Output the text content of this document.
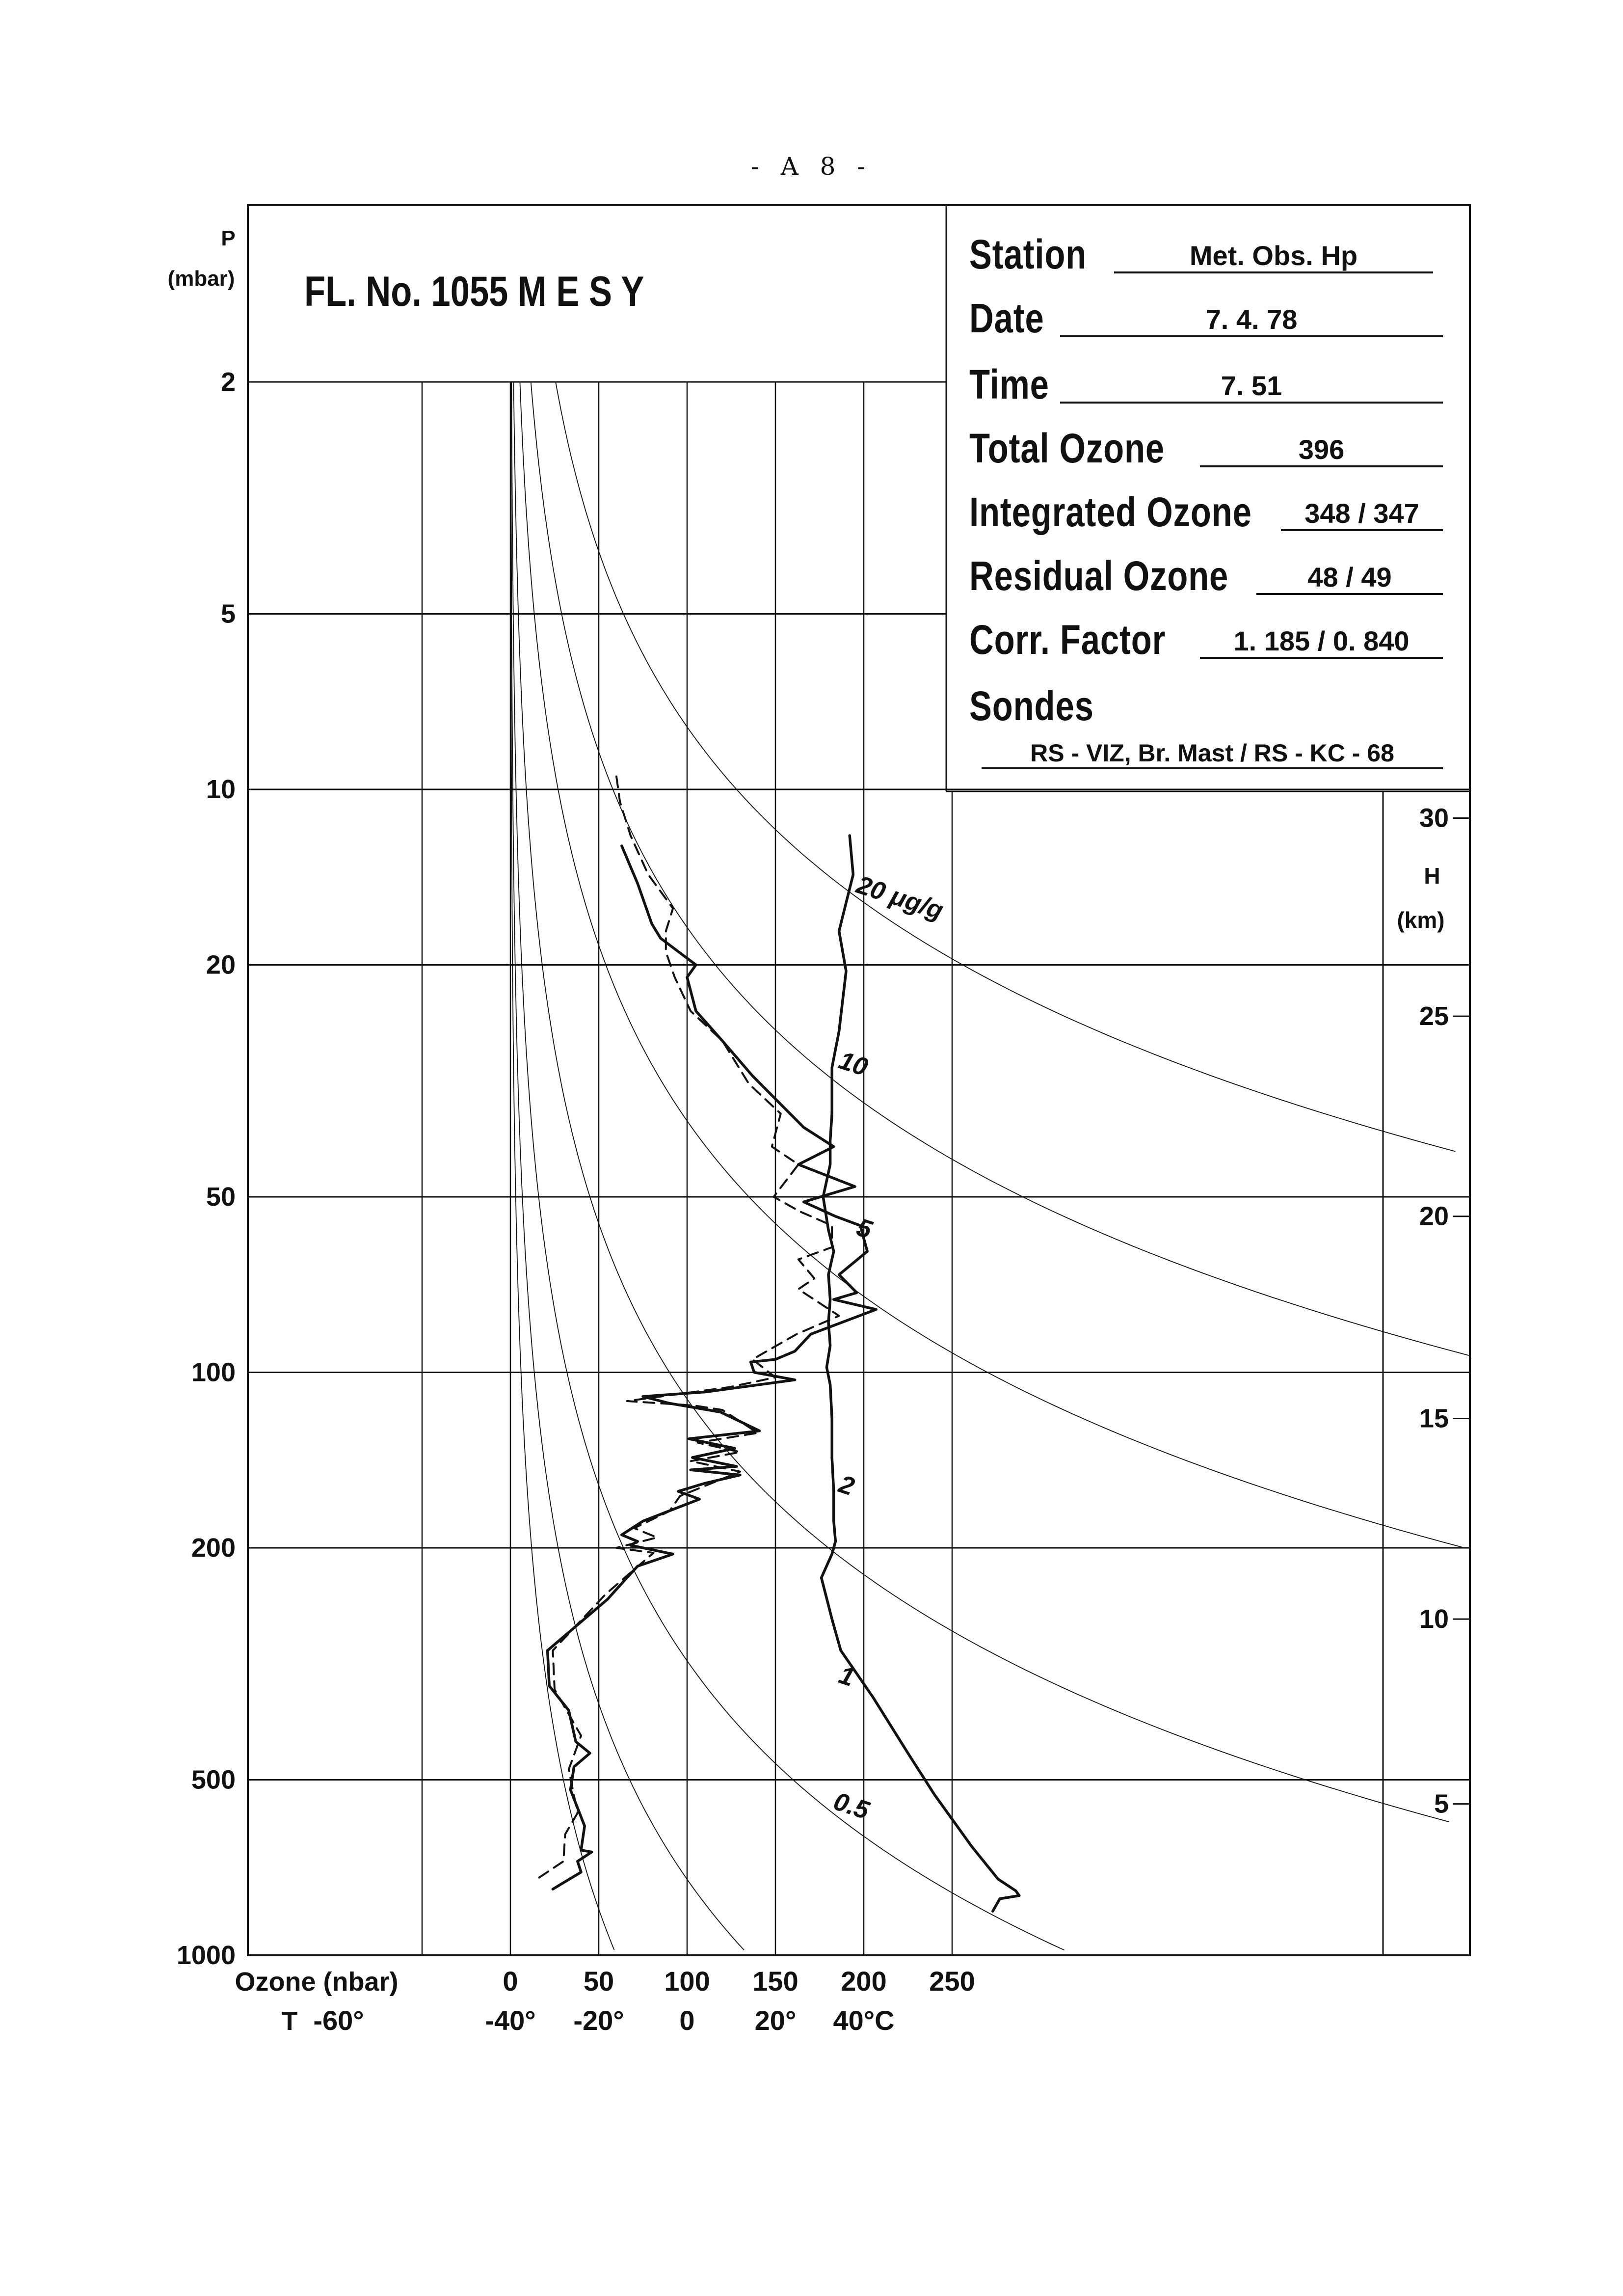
- A 8 -
20 μg/g
10
5
2
1
0.5
2
5
10
20
50
100
200
500
1000
0 50 100 150 200 250
-60°	-40° -20° 0 20° 40°C
30
25
20
15
10
5
P
(mbar)
H
(km)
Ozone (nbar)
T
FL. No. 1055 M E S Y
Station	Met. Obs. Hp
Date	7. 4. 78
Time	7. 51
Total Ozone	396
Integrated Ozone	348 / 347
Residual Ozone	48 / 49
Corr. Factor	1. 185 / 0. 840
Sondes
RS - VIZ, Br. Mast / RS - KC - 68
